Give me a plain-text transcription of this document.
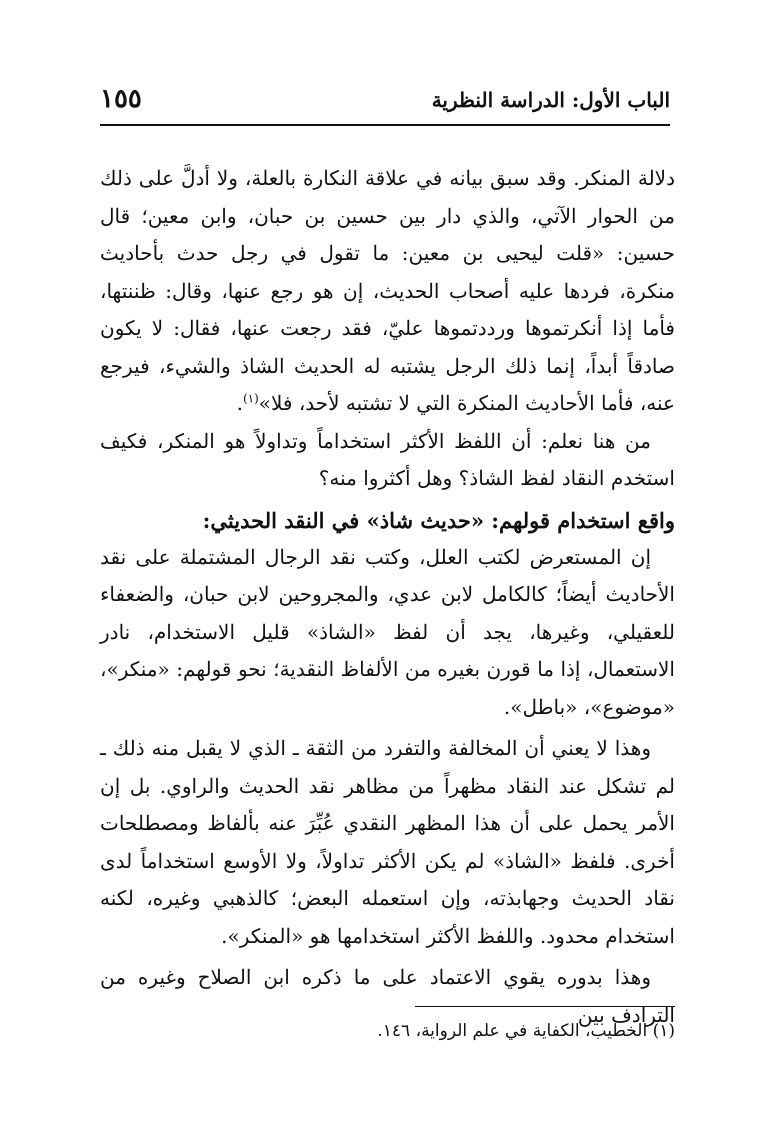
الباب الأول: الدراسة النظرية
١٥٥

دلالة المنكر. وقد سبق بيانه في علاقة النكارة بالعلة، ولا أدلَّ على ذلك من الحوار الآتي، والذي دار بين حسين بن حبان، وابن معين؛ قال حسين: «قلت ليحيى بن معين: ما تقول في رجل حدث بأحاديث منكرة، فردها عليه أصحاب الحديث، إن هو رجع عنها، وقال: ظننتها، فأما إذا أنكرتموها ورددتموها عليّ، فقد رجعت عنها، فقال: لا يكون صادقاً أبداً، إنما ذلك الرجل يشتبه له الحديث الشاذ والشيء، فيرجع عنه، فأما الأحاديث المنكرة التي لا تشتبه لأحد، فلا»$^{(١)}$.

من هنا نعلم: أن اللفظ الأكثر استخداماً وتداولاً هو المنكر، فكيف استخدم النقاد لفظ الشاذ؟ وهل أكثروا منه؟

واقع استخدام قولهم: «حديث شاذ» في النقد الحديثي:

إن المستعرض لكتب العلل، وكتب نقد الرجال المشتملة على نقد الأحاديث أيضاً؛ كالكامل لابن عدي، والمجروحين لابن حبان، والضعفاء للعقيلي، وغيرها، يجد أن لفظ «الشاذ» قليل الاستخدام، نادر الاستعمال، إذا ما قورن بغيره من الألفاظ النقدية؛ نحو قولهم: «منكر»، «موضوع»، «باطل».

وهذا لا يعني أن المخالفة والتفرد من الثقة ـ الذي لا يقبل منه ذلك ـ لم تشكل عند النقاد مظهراً من مظاهر نقد الحديث والراوي. بل إن الأمر يحمل على أن هذا المظهر النقدي عُبِّرَ عنه بألفاظ ومصطلحات أخرى. فلفظ «الشاذ» لم يكن الأكثر تداولاً، ولا الأوسع استخداماً لدى نقاد الحديث وجهابذته، وإن استعمله البعض؛ كالذهبي وغيره، لكنه استخدام محدود. واللفظ الأكثر استخدامها هو «المنكر».

وهذا بدوره يقوي الاعتماد على ما ذكره ابن الصلاح وغيره من الترادف بين

(١) الخطيب، الكفاية في علم الرواية، ١٤٦.
